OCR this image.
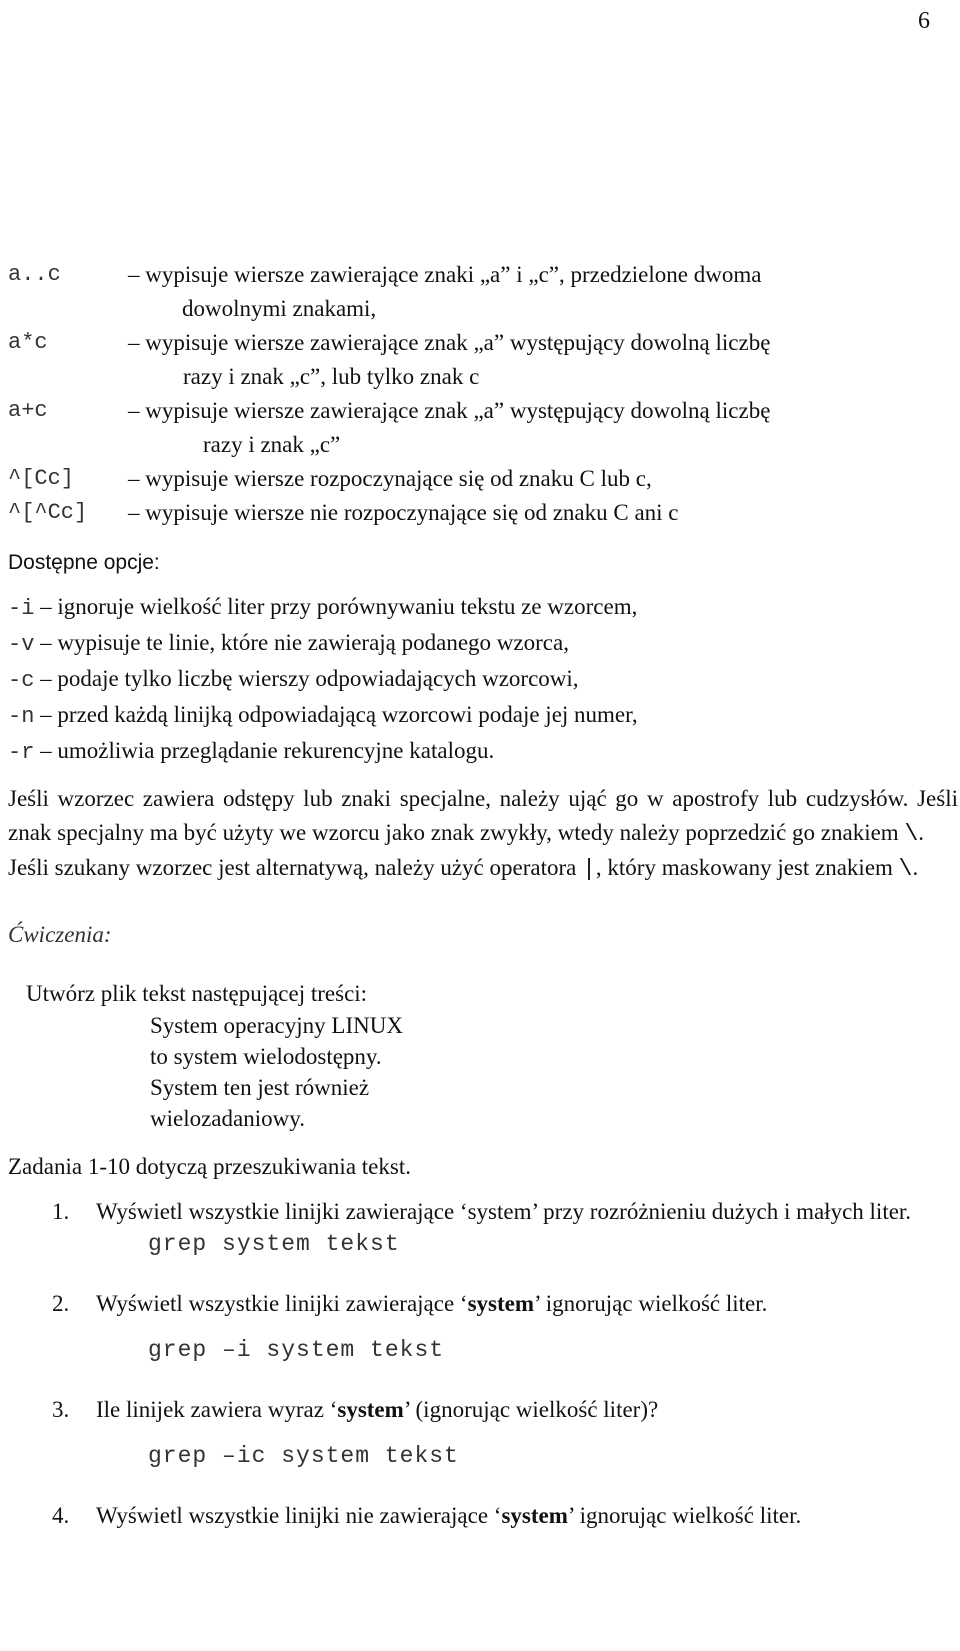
6
a..c	– wypisuje wiersze zawierające znaki „a” i „c”, przedzielone dwoma
dowolnymi znakami,
a*c	– wypisuje wiersze zawierające znak „a” występujący dowolną liczbę
razy i znak „c”, lub tylko znak c
a+c	– wypisuje wiersze zawierające znak „a” występujący dowolną liczbę
razy i znak „c”
^[Cc]	– wypisuje wiersze rozpoczynające się od znaku C lub c,
^[^Cc]	– wypisuje wiersze nie rozpoczynające się od znaku C ani c
Dostępne opcje:
-i – ignoruje wielkość liter przy porównywaniu tekstu ze wzorcem,
-v – wypisuje te linie, które nie zawierają podanego wzorca,
-c – podaje tylko liczbę wierszy odpowiadających wzorcowi,
-n – przed każdą linijką odpowiadającą wzorcowi podaje jej numer,
-r – umożliwia przeglądanie rekurencyjne katalogu.
Jeśli wzorzec zawiera odstępy lub znaki specjalne, należy ująć go w apostrofy lub cudzysłów. Jeśli znak specjalny ma być użyty we wzorcu jako znak zwykły, wtedy należy poprzedzić go znakiem \.
Jeśli szukany wzorzec jest alternatywą, należy użyć operatora |, który maskowany jest znakiem \.
Ćwiczenia:
Utwórz plik tekst następującej treści:
System operacyjny LINUX
to system wielodostępny.
System ten jest również
wielozadaniowy.
Zadania 1-10 dotyczą przeszukiwania tekst.
1.	Wyświetl wszystkie linijki zawierające ‘system’ przy rozróżnieniu dużych i małych liter.
grep system tekst
2.	Wyświetl wszystkie linijki zawierające ‘system’ ignorując wielkość liter.
grep –i system tekst
3.	Ile linijek zawiera wyraz ‘system’ (ignorując wielkość liter)?
grep –ic system tekst
4.	Wyświetl wszystkie linijki nie zawierające ‘system’ ignorując wielkość liter.
